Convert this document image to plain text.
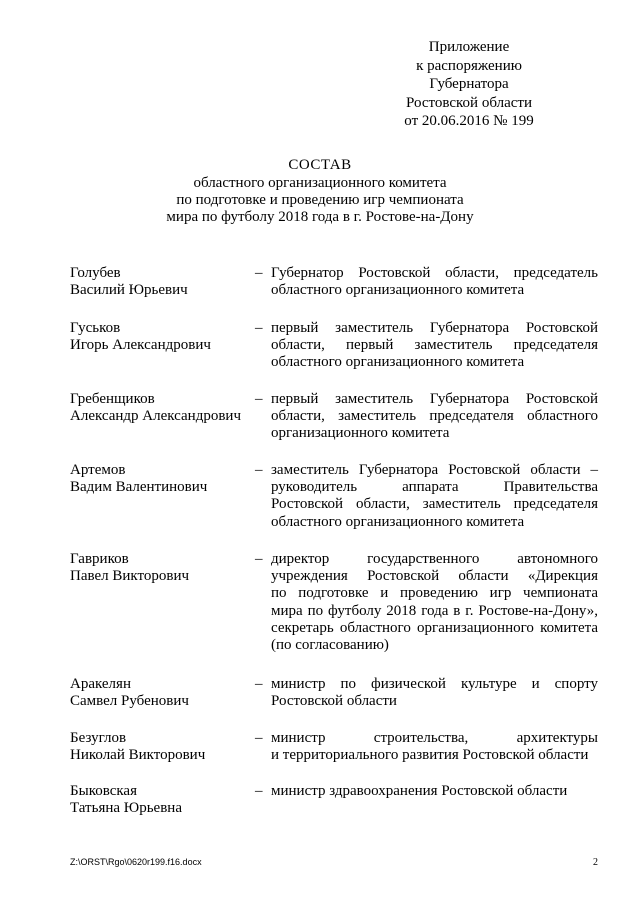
Приложение
к распоряжению
Губернатора
Ростовской области
от 20.06.2016 № 199
СОСТАВ
областного организационного комитета
по подготовке и проведению игр чемпионата
мира по футболу 2018 года в г. Ростове-на-Дону
Голубев
Василий Юрьевич
– Губернатор Ростовской области, председатель
областного организационного комитета
Гуськов
Игорь Александрович
– первый заместитель Губернатора Ростовской
области, первый заместитель председателя
областного организационного комитета
Гребенщиков
Александр Александрович
– первый заместитель Губернатора Ростовской
области, заместитель председателя областного
организационного комитета
Артемов
Вадим Валентинович
– заместитель Губернатора Ростовской области –
руководитель аппарата Правительства
Ростовской области, заместитель председателя
областного организационного комитета
Гавриков
Павел Викторович
– директор государственного автономного
учреждения Ростовской области «Дирекция
по подготовке и проведению игр чемпионата
мира по футболу 2018 года в г. Ростове-на-Дону»,
секретарь областного организационного комитета
(по согласованию)
Аракелян
Самвел Рубенович
– министр по физической культуре и спорту
Ростовской области
Безуглов
Николай Викторович
– министр строительства, архитектуры
и территориального развития Ростовской области
Быковская
Татьяна Юрьевна
– министр здравоохранения Ростовской области
Z:\ORST\Rgo\0620r199.f16.docx	2
